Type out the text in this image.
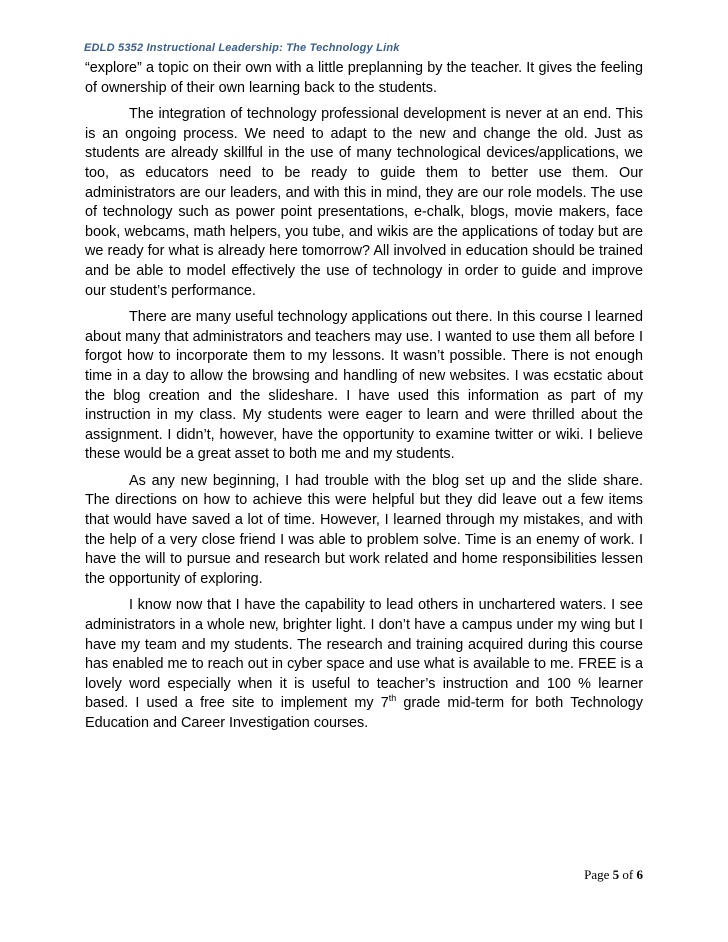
EDLD 5352 Instructional Leadership: The Technology Link

“explore” a topic on their own with a little preplanning by the teacher. It gives the feeling of ownership of their own learning back to the students.

The integration of technology professional development is never at an end. This is an ongoing process. We need to adapt to the new and change the old. Just as students are already skillful in the use of many technological devices/applications, we too, as educators need to be ready to guide them to better use them. Our administrators are our leaders, and with this in mind, they are our role models. The use of technology such as power point presentations, e-chalk, blogs, movie makers, face book, webcams, math helpers, you tube, and wikis are the applications of today but are we ready for what is already here tomorrow? All involved in education should be trained and be able to model effectively the use of technology in order to guide and improve our student’s performance.

There are many useful technology applications out there. In this course I learned about many that administrators and teachers may use. I wanted to use them all before I forgot how to incorporate them to my lessons. It wasn’t possible. There is not enough time in a day to allow the browsing and handling of new websites. I was ecstatic about the blog creation and the slideshare. I have used this information as part of my instruction in my class. My students were eager to learn and were thrilled about the assignment. I didn’t, however, have the opportunity to examine twitter or wiki. I believe these would be a great asset to both me and my students.

As any new beginning, I had trouble with the blog set up and the slide share. The directions on how to achieve this were helpful but they did leave out a few items that would have saved a lot of time. However, I learned through my mistakes, and with the help of a very close friend I was able to problem solve. Time is an enemy of work. I have the will to pursue and research but work related and home responsibilities lessen the opportunity of exploring.

I know now that I have the capability to lead others in unchartered waters. I see administrators in a whole new, brighter light. I don’t have a campus under my wing but I have my team and my students. The research and training acquired during this course has enabled me to reach out in cyber space and use what is available to me. FREE is a lovely word especially when it is useful to teacher’s instruction and 100 % learner based. I used a free site to implement my 7th grade mid-term for both Technology Education and Career Investigation courses.

Page 5 of 6
